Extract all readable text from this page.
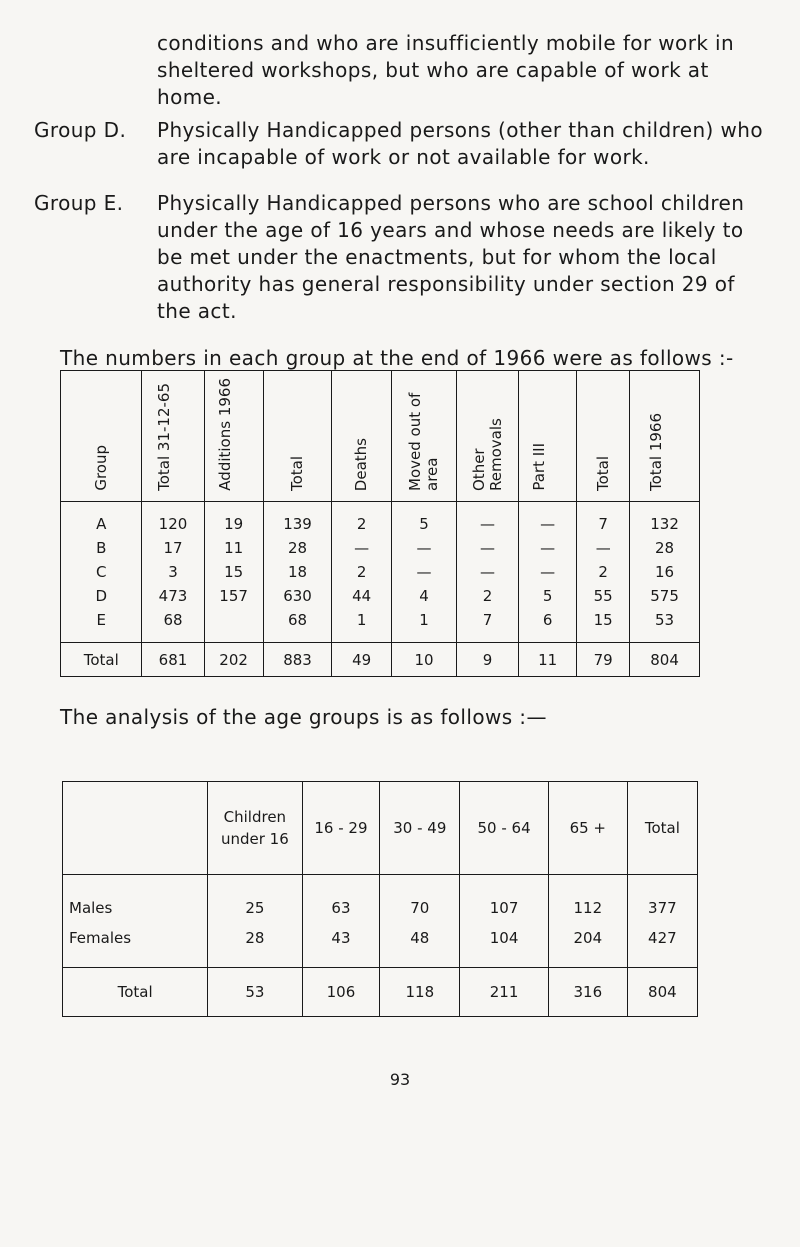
conditions and who are insufficiently mobile for work in sheltered workshops, but who are capable of work at home.
Group D. Physically Handicapped persons (other than children) who are incapable of work or not available for work.
Group E. Physically Handicapped persons who are school children under the age of 16 years and whose needs are likely to be met under the enactments, but for whom the local authority has general responsibility under section 29 of the act.
The numbers in each group at the end of 1966 were as follows :-
Group	Total 31-12-65	Additions 1966	Total	Deaths	Moved out of area	Other Removals	Part III	Total	Total 1966
A	120	19	139	2	5	—	—	7	132
B	17	11	28	—	—	—	—	—	28
C	3	15	18	2	—	—	—	2	16
D	473	157	630	44	4	2	5	55	575
E	68		68	1	1	7	6	15	53
Total	681	202	883	49	10	9	11	79	804
The analysis of the age groups is as follows :—
	Children under 16	16 - 29	30 - 49	50 - 64	65 +	Total
Males	25	63	70	107	112	377
Females	28	43	48	104	204	427
Total	53	106	118	211	316	804
93
